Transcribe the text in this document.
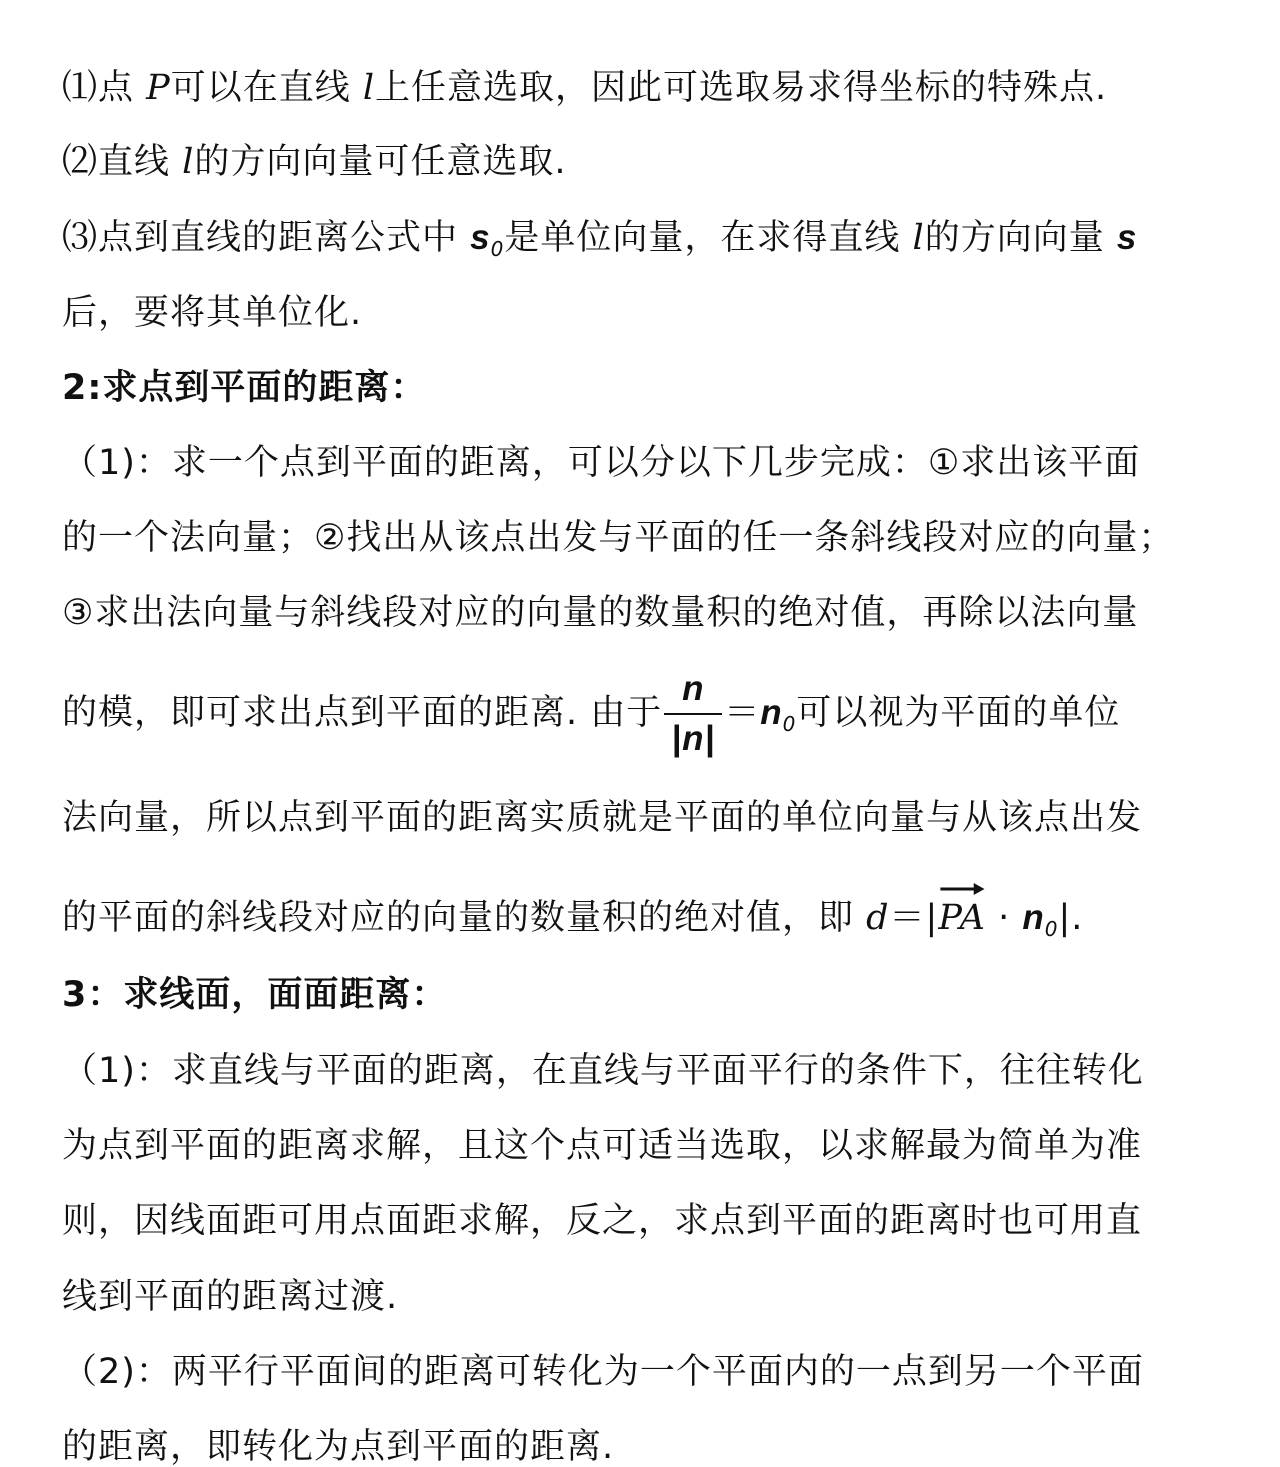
⑴点 P可以在直线 l上任意选取，因此可选取易求得坐标的特殊点.
⑵直线 l的方向向量可任意选取.
⑶点到直线的距离公式中 $s_0$是单位向量，在求得直线 l的方向向量 s
后，要将其单位化.
2:求点到平面的距离：
（1)：求一个点到平面的距离，可以分以下几步完成：①求出该平面
的一个法向量；②找出从该点出发与平面的任一条斜线段对应的向量；
③求出法向量与斜线段对应的向量的数量积的绝对值，再除以法向量
的模，即可求出点到平面的距离. 由于 $\frac{n}{|n|} =n_0$可以视为平面的单位
法向量，所以点到平面的距离实质就是平面的单位向量与从该点出发
的平面的斜线段对应的向量的数量积的绝对值，即 d＝|
PA · $n_0|$.
3：求线面，面面距离：
（1)：求直线与平面的距离，在直线与平面平行的条件下，往往转化
为点到平面的距离求解，且这个点可适当选取，以求解最为简单为准
则，因线面距可用点面距求解，反之，求点到平面的距离时也可用直
线到平面的距离过渡.
（2)：两平行平面间的距离可转化为一个平面内的一点到另一个平面
的距离，即转化为点到平面的距离.
